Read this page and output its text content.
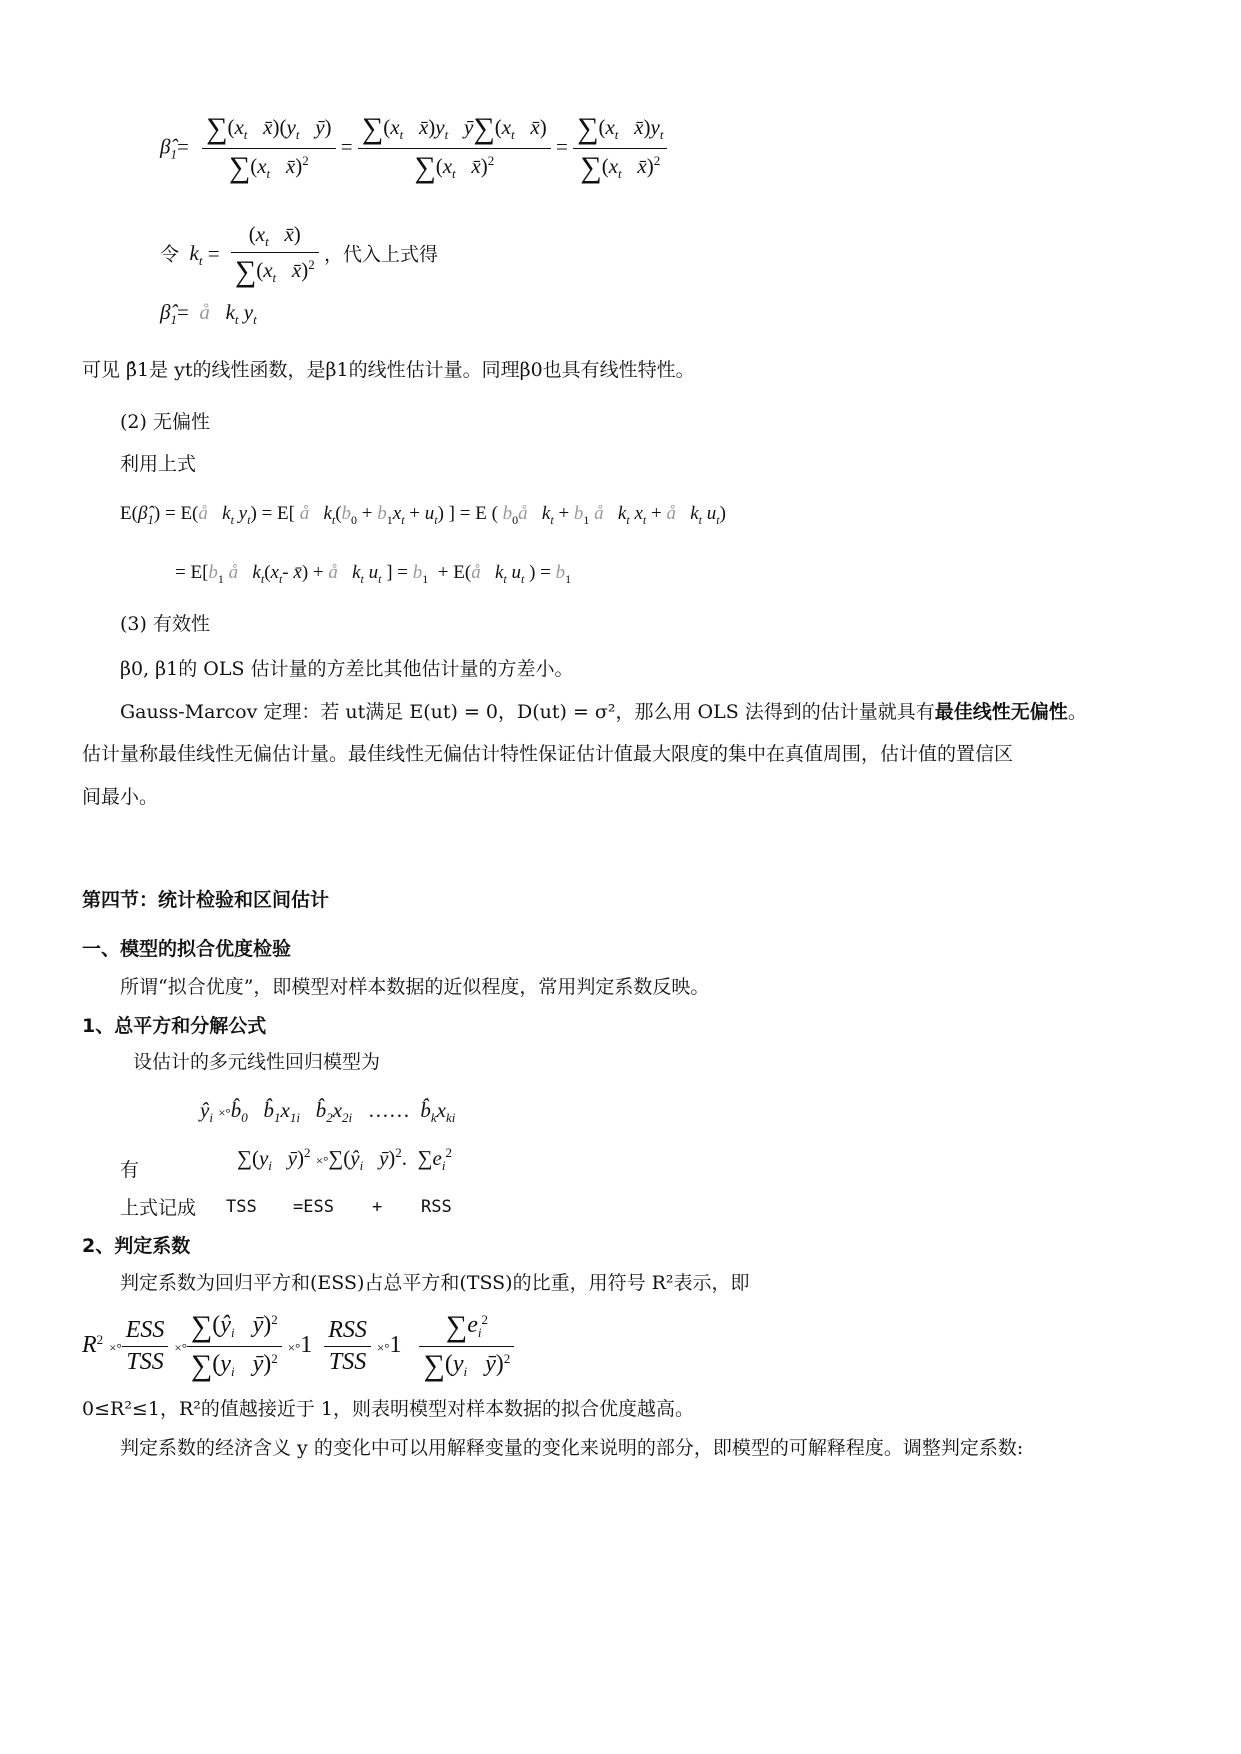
$\betâ_1= \frac{\sum(x_t x̄)(y_t ȳ)}{\sum(x_t x̄)^2} = \frac{\sum(x_t x̄)y_t ȳ\sum(x_t x̄)}{\sum(x_t x̄)^2} = \frac{\sum(x_t x̄)y_t}{\sum(x_t x̄)^2}$
令 $k_t = \frac{(x_t x̄)}{\sum(x_t x̄)^2}$ ，代入上式得
$\betâ_1=$  å $k_t$ $y_t$
可见 β̂1是 yt的线性函数，是β1的线性估计量。同理β0也具有线性特性。
(2) 无偏性
利用上式
$E(\betâ_1)$ = E(å $k_t$ $y_t) = E$[ å $k_t(b_0 + b_1x_t + u_t)$ ] = E ( $b_0å$ $k_t + b_1$ å $k_t$ $x_t$ + å $k_t$ $u_t$)
= $E[b_1$ å $k_t(x_t-$ x̄) + å $k_t$ $u_t$ ] = $b_1$  + E(å $k_t$ $u_t$ ) = $b_1$
(3) 有效性
β0, β1的 OLS 估计量的方差比其他估计量的方差小。
Gauss-Marcov 定理：若 ut满足 E(ut) = 0，D(ut) = σ²，那么用 OLS 法得到的估计量就具有最佳线性无偏性。
估计量称最佳线性无偏估计量。最佳线性无偏估计特性保证估计值最大限度的集中在真值周围，估计值的置信区
间最小。
第四节：统计检验和区间估计
一、模型的拟合优度检验
所谓“拟合优度”，即模型对样本数据的近似程度，常用判定系数反映。
1、总平方和分解公式
设估计的多元线性回归模型为
$ŷ_i$ $\times^\circ b̂_0$ $b̂_1x_{1i}$ $b̂_2x_{2i}$   ……  $b̂_kx_{ki}$
有	$\sum(y_i$ ȳ)$^2$ $\times^\circ\sum(ŷ_i$ ȳ)$^2$.  $\sum e_i^2$
上式记成 TSS =ESS + RSS
2、判定系数
判定系数为回归平方和(ESS)占总平方和(TSS)的比重，用符号 R²表示，即
$R^2$ ×° $\frac{\text{ESS}}{\text{TSS}}$ ×° $\frac{\sum(ŷ_i ȳ)^2}{\sum(y_i ȳ)^2} \times^\circ 1 \frac{\text{RSS}}{\text{TSS}} \times^\circ 1 \frac{\sum e_i^2}{\sum(y_i ȳ)^2}$
0≤R²≤1，R²的值越接近于 1，则表明模型对样本数据的拟合优度越高。
判定系数的经济含义 y 的变化中可以用解释变量的变化来说明的部分，即模型的可解释程度。调整判定系数:
